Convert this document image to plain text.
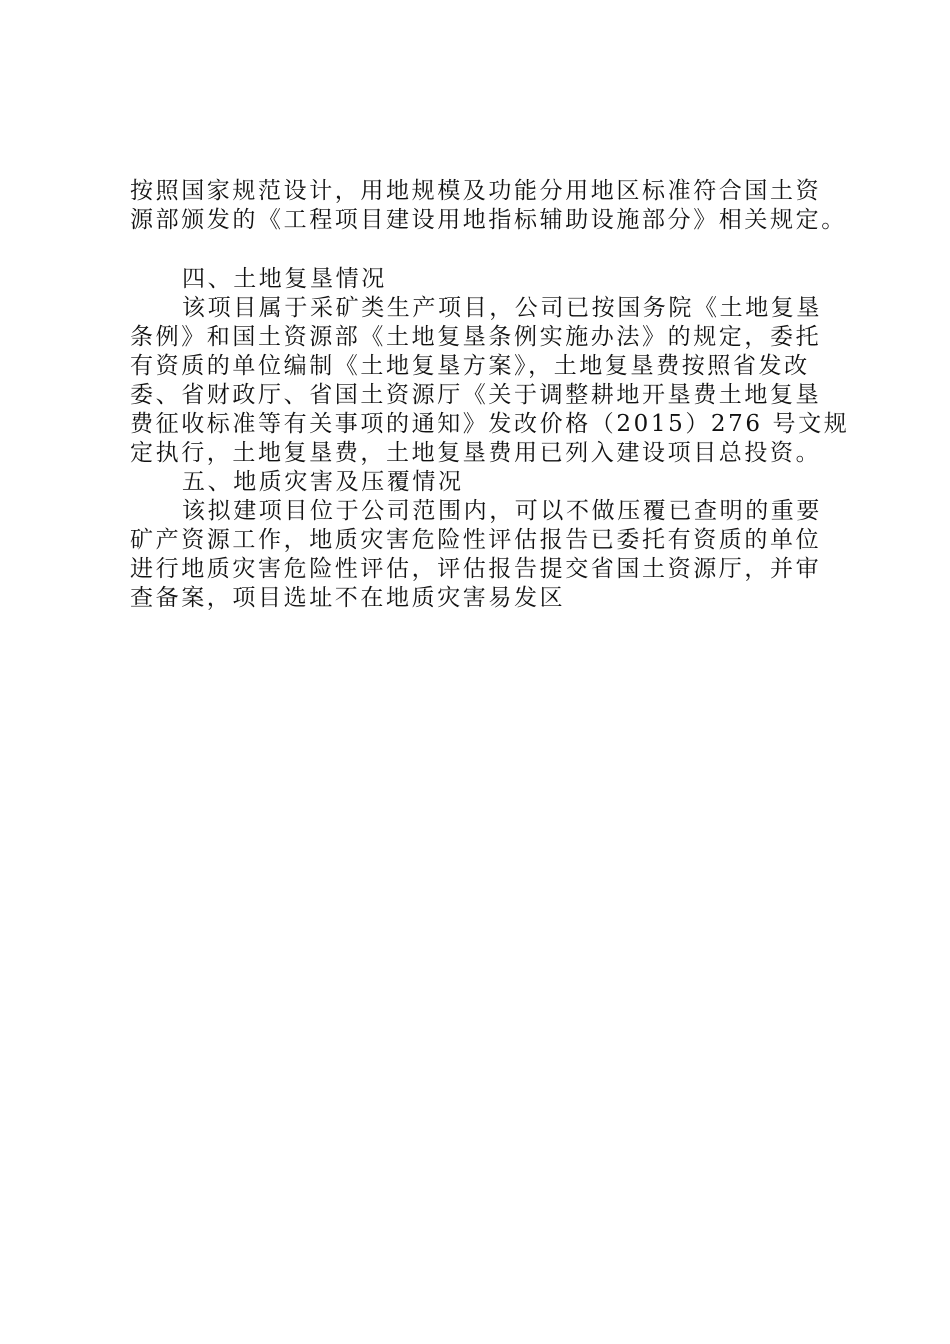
按照国家规范设计，用地规模及功能分用地区标准符合国土资
源部颁发的《工程项目建设用地指标辅助设施部分》相关规定。
四、土地复垦情况
该项目属于采矿类生产项目，公司已按国务院《土地复垦
条例》和国土资源部《土地复垦条例实施办法》的规定，委托
有资质的单位编制《土地复垦方案》，土地复垦费按照省发改
委、省财政厅、省国土资源厅《关于调整耕地开垦费土地复垦
费征收标准等有关事项的通知》发改价格（2015）276 号文规
定执行，土地复垦费，土地复垦费用已列入建设项目总投资。
五、地质灾害及压覆情况
该拟建项目位于公司范围内，可以不做压覆已查明的重要
矿产资源工作，地质灾害危险性评估报告已委托有资质的单位
进行地质灾害危险性评估，评估报告提交省国土资源厅，并审
查备案，项目选址不在地质灾害易发区
